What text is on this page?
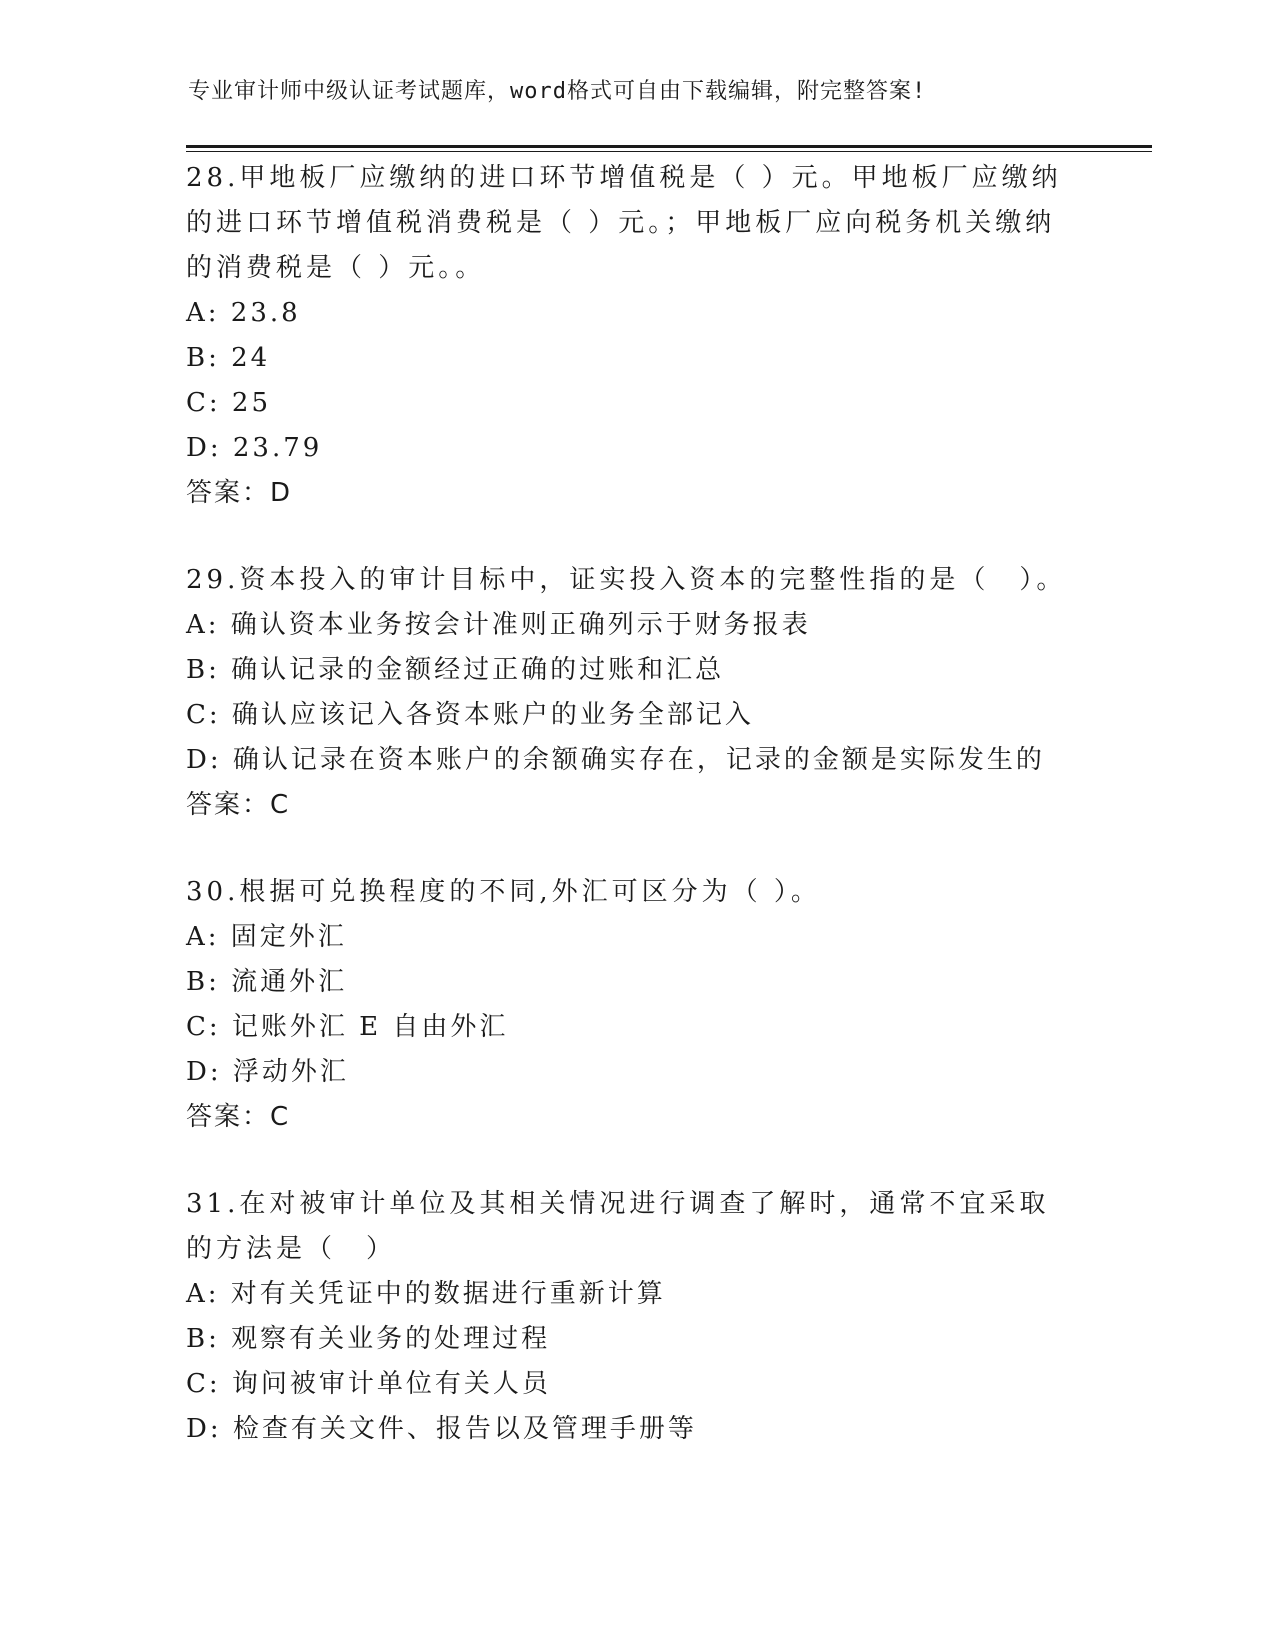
专业审计师中级认证考试题库，word格式可自由下载编辑，附完整答案!

28.甲地板厂应缴纳的进口环节增值税是（ ）元。甲地板厂应缴纳的进口环节增值税消费税是（ ）元。；甲地板厂应向税务机关缴纳的消费税是（ ）元。。

A: 23.8

B: 24

C: 25

D: 23.79

答案：D

29.资本投入的审计目标中，证实投入资本的完整性指的是（　）。

A: 确认资本业务按会计准则正确列示于财务报表

B: 确认记录的金额经过正确的过账和汇总

C: 确认应该记入各资本账户的业务全部记入

D: 确认记录在资本账户的余额确实存在，记录的金额是实际发生的

答案：C

30.根据可兑换程度的不同,外汇可区分为（ ）。

A: 固定外汇

B: 流通外汇

C: 记账外汇 E 自由外汇

D: 浮动外汇

答案：C

31.在对被审计单位及其相关情况进行调查了解时，通常不宜采取的方法是（　）

A: 对有关凭证中的数据进行重新计算

B: 观察有关业务的处理过程

C: 询问被审计单位有关人员

D: 检查有关文件、报告以及管理手册等
